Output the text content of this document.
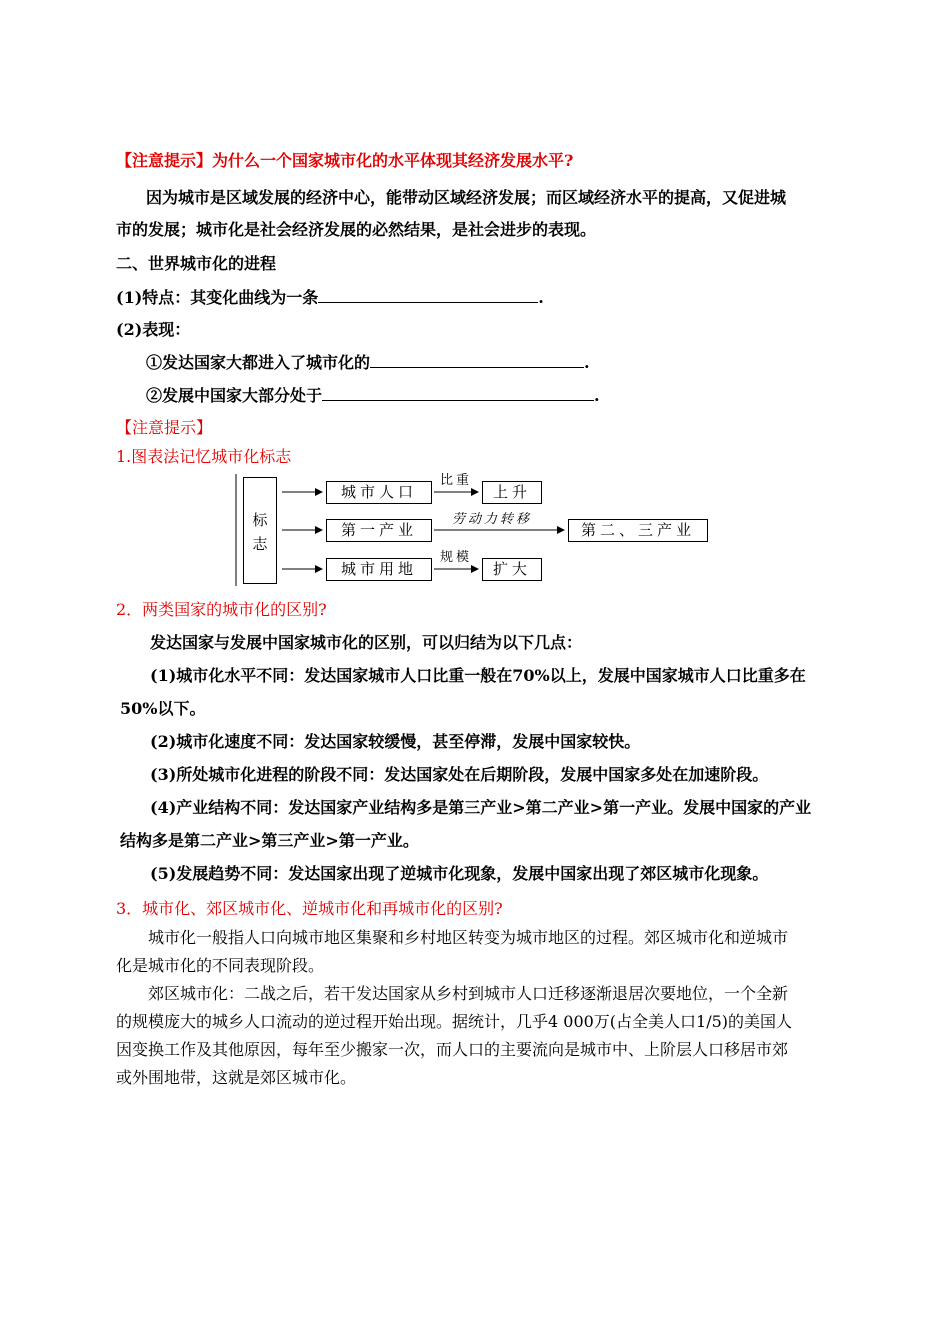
【注意提示】为什么一个国家城市化的水平体现其经济发展水平?
因为城市是区域发展的经济中心，能带动区域经济发展；而区域经济水平的提高，又促进城
市的发展；城市化是社会经济发展的必然结果，是社会进步的表现。
二、世界城市化的进程
(1)特点：其变化曲线为一条	.
(2)表现：
①发达国家大都进入了城市化的	.
②发展中国家大部分处于	.
【注意提示】
1.图表法记忆城市化标志
标志
城市人口	上升
比重
第一产业
劳动力转移
第二、三产业
城市用地
规模
扩大
2．两类国家的城市化的区别?
发达国家与发展中国家城市化的区别，可以归结为以下几点：
(1)城市化水平不同：发达国家城市人口比重一般在70%以上，发展中国家城市人口比重多在
50%以下。
(2)城市化速度不同：发达国家较缓慢，甚至停滞，发展中国家较快。
(3)所处城市化进程的阶段不同：发达国家处在后期阶段，发展中国家多处在加速阶段。
(4)产业结构不同：发达国家产业结构多是第三产业>第二产业>第一产业。发展中国家的产业
结构多是第二产业>第三产业>第一产业。
(5)发展趋势不同：发达国家出现了逆城市化现象，发展中国家出现了郊区城市化现象。
3．城市化、郊区城市化、逆城市化和再城市化的区别?
城市化一般指人口向城市地区集聚和乡村地区转变为城市地区的过程。郊区城市化和逆城市
化是城市化的不同表现阶段。
郊区城市化：二战之后，若干发达国家从乡村到城市人口迁移逐渐退居次要地位，一个全新
的规模庞大的城乡人口流动的逆过程开始出现。据统计，几乎4 000万(占全美人口1/5)的美国人
因变换工作及其他原因，每年至少搬家一次，而人口的主要流向是城市中、上阶层人口移居市郊
或外围地带，这就是郊区城市化。
